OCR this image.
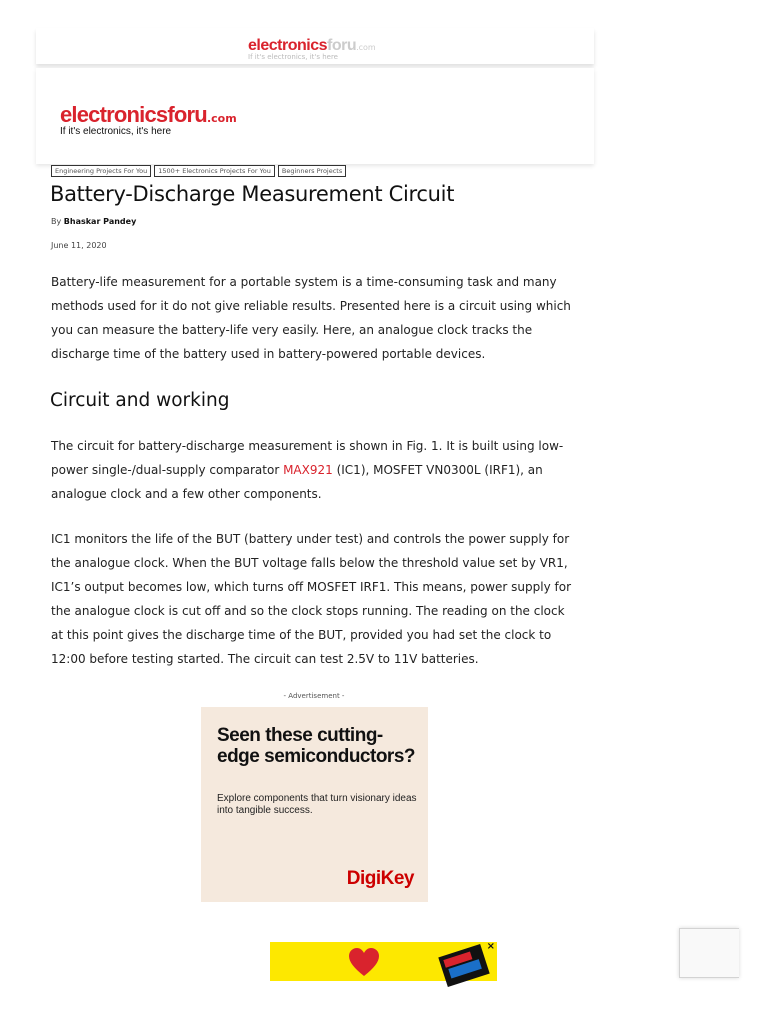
electronicsforu.com
If it's electronics, it's here
electronicsforu.com
If it's electronics, it's here
Engineering Projects For You	1500+ Electronics Projects For You	Beginners Projects
Battery-Discharge Measurement Circuit
By Bhaskar Pandey
June 11, 2020

Battery-life measurement for a portable system is a time-consuming task and many methods used for it do not give reliable results. Presented here is a circuit using which you can measure the battery-life very easily. Here, an analogue clock tracks the discharge time of the battery used in battery-powered portable devices.

Circuit and working

The circuit for battery-discharge measurement is shown in Fig. 1. It is built using low-power single-/dual-supply comparator MAX921 (IC1), MOSFET VN0300L (IRF1), an analogue clock and a few other components.

IC1 monitors the life of the BUT (battery under test) and controls the power supply for the analogue clock. When the BUT voltage falls below the threshold value set by VR1, IC1’s output becomes low, which turns off MOSFET IRF1. This means, power supply for the analogue clock is cut off and so the clock stops running. The reading on the clock at this point gives the discharge time of the BUT, provided you had set the clock to 12:00 before testing started. The circuit can test 2.5V to 11V batteries.

- Advertisement -
Seen these cutting-edge semiconductors?
Explore components that turn visionary ideas into tangible success.
DigiKey
×
